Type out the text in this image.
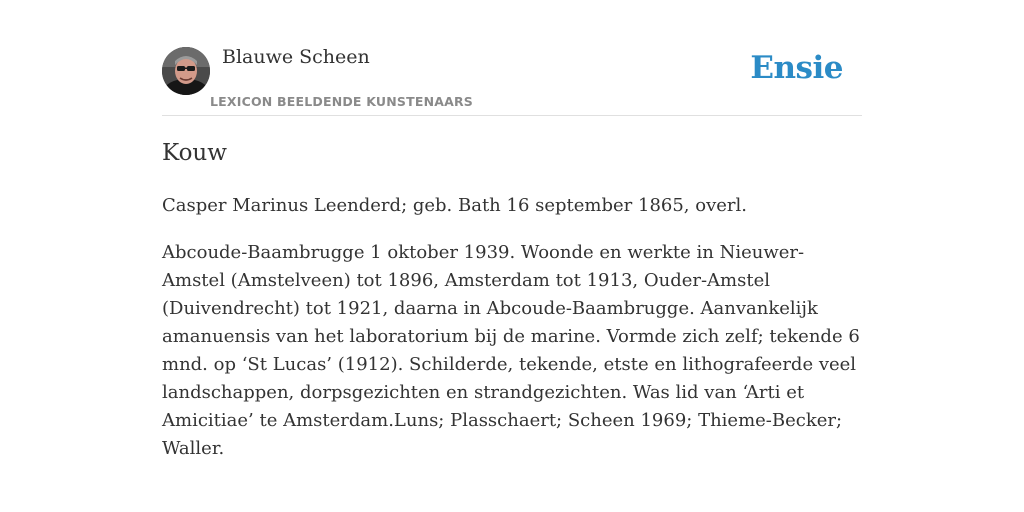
Blauwe Scheen
LEXICON BEELDENDE KUNSTENAARS
Ensie
Kouw

Casper Marinus Leenderd; geb. Bath 16 september 1865, overl.

Abcoude-Baambrugge 1 oktober 1939. Woonde en werkte in Nieuwer-Amstel (Amstelveen) tot 1896, Amsterdam tot 1913, Ouder-Amstel (Duivendrecht) tot 1921, daarna in Abcoude-Baambrugge. Aanvankelijk amanuensis van het laboratorium bij de marine. Vormde zich zelf; tekende 6 mnd. op ‘St Lucas’ (1912). Schilderde, tekende, etste en lithografeerde veel landschappen, dorpsgezichten en strandgezichten. Was lid van ‘Arti et Amicitiae’ te Amsterdam.Luns; Plasschaert; Scheen 1969; Thieme-Becker; Waller.
